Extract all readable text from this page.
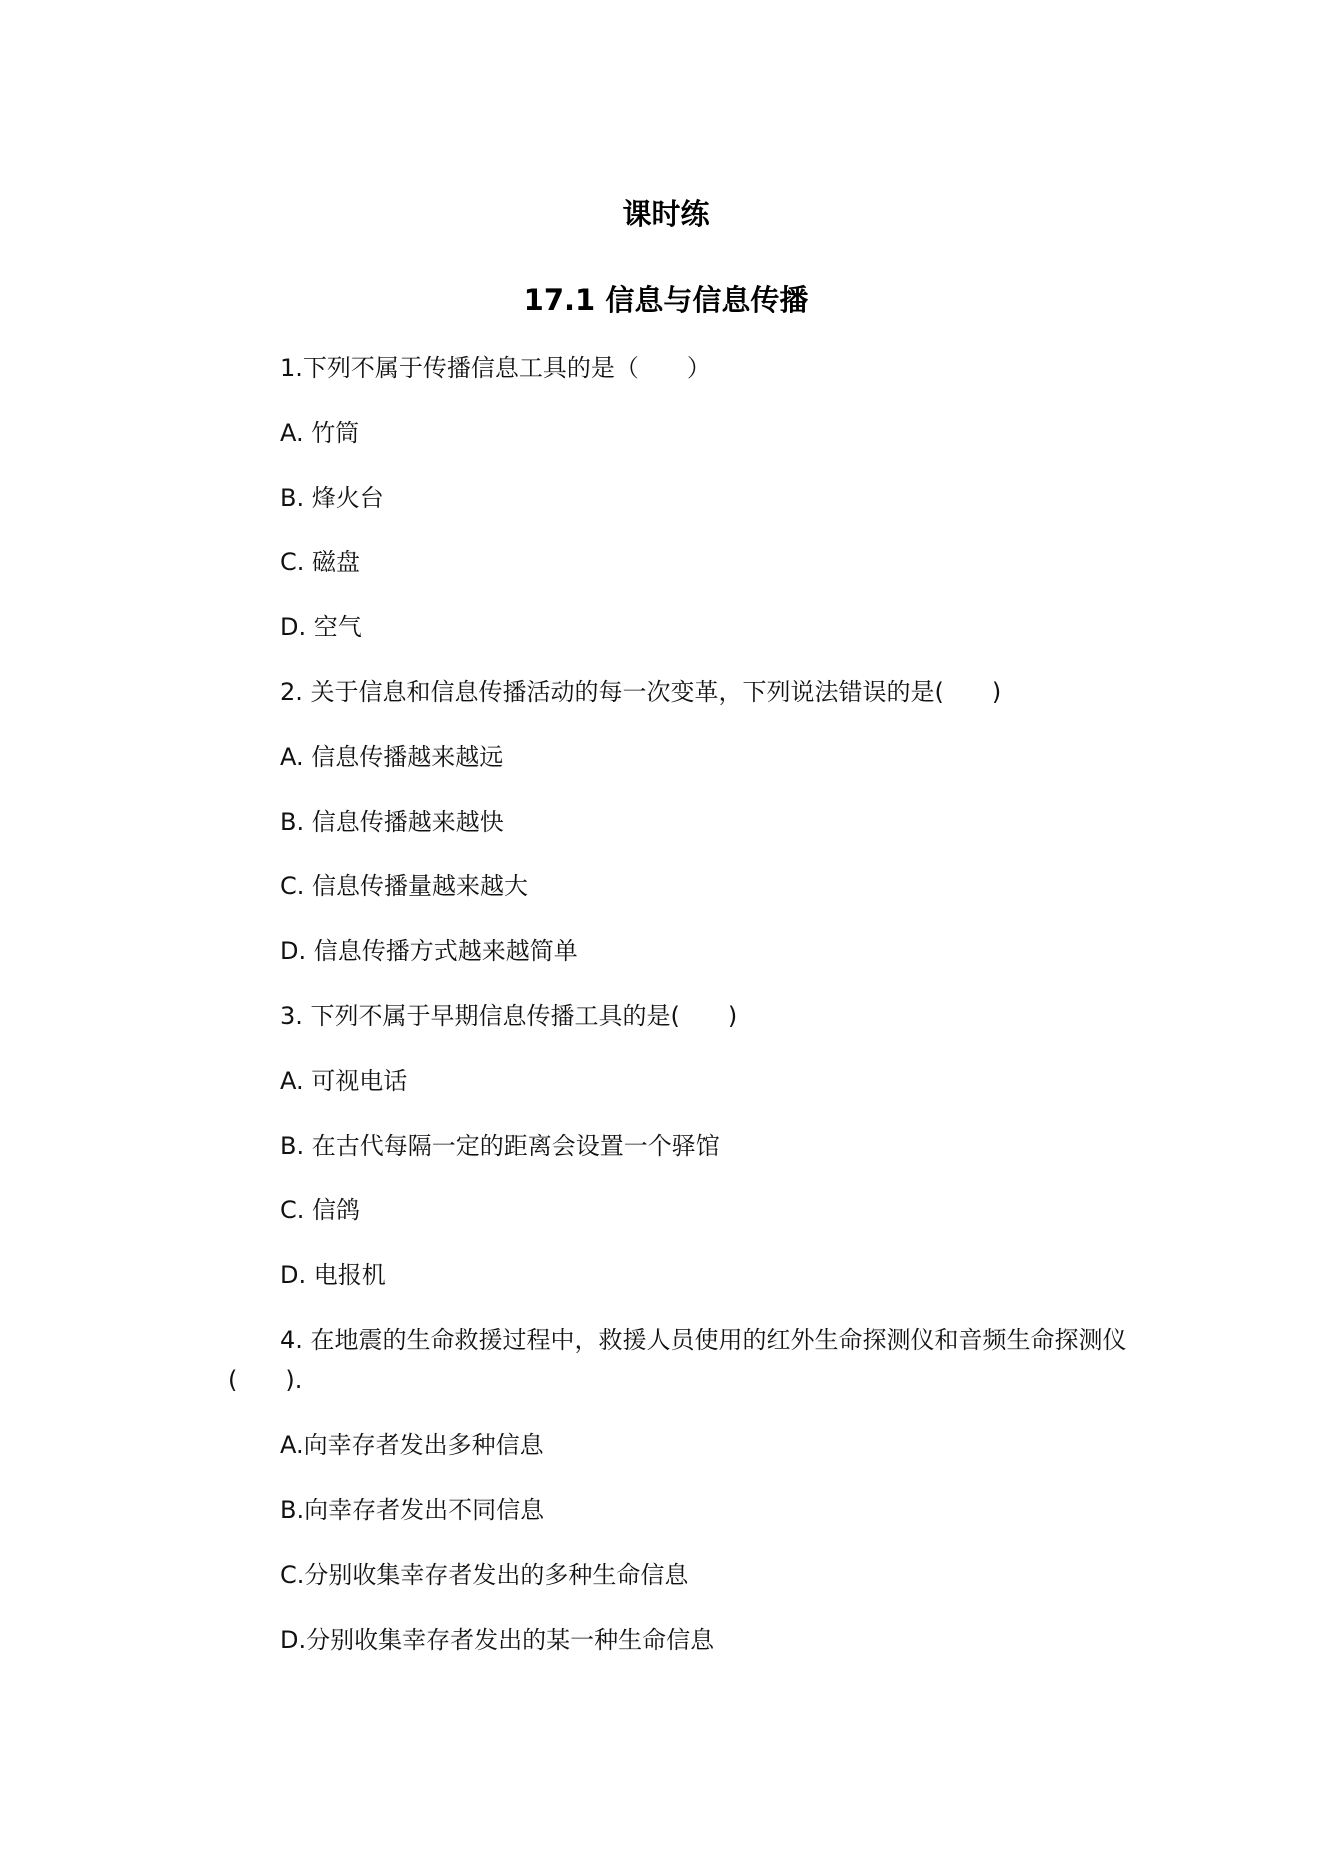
课时练
17.1 信息与信息传播
1.下列不属于传播信息工具的是（　　）
A. 竹筒
B. 烽火台
C. 磁盘
D. 空气
2. 关于信息和信息传播活动的每一次变革，下列说法错误的是(　　)
A. 信息传播越来越远
B. 信息传播越来越快
C. 信息传播量越来越大
D. 信息传播方式越来越简单
3. 下列不属于早期信息传播工具的是(　　)
A. 可视电话
B. 在古代每隔一定的距离会设置一个驿馆
C. 信鸽
D. 电报机
4. 在地震的生命救援过程中，救援人员使用的红外生命探测仪和音频生命探测仪(　　).
A.向幸存者发出多种信息
B.向幸存者发出不同信息
C.分别收集幸存者发出的多种生命信息
D.分别收集幸存者发出的某一种生命信息
